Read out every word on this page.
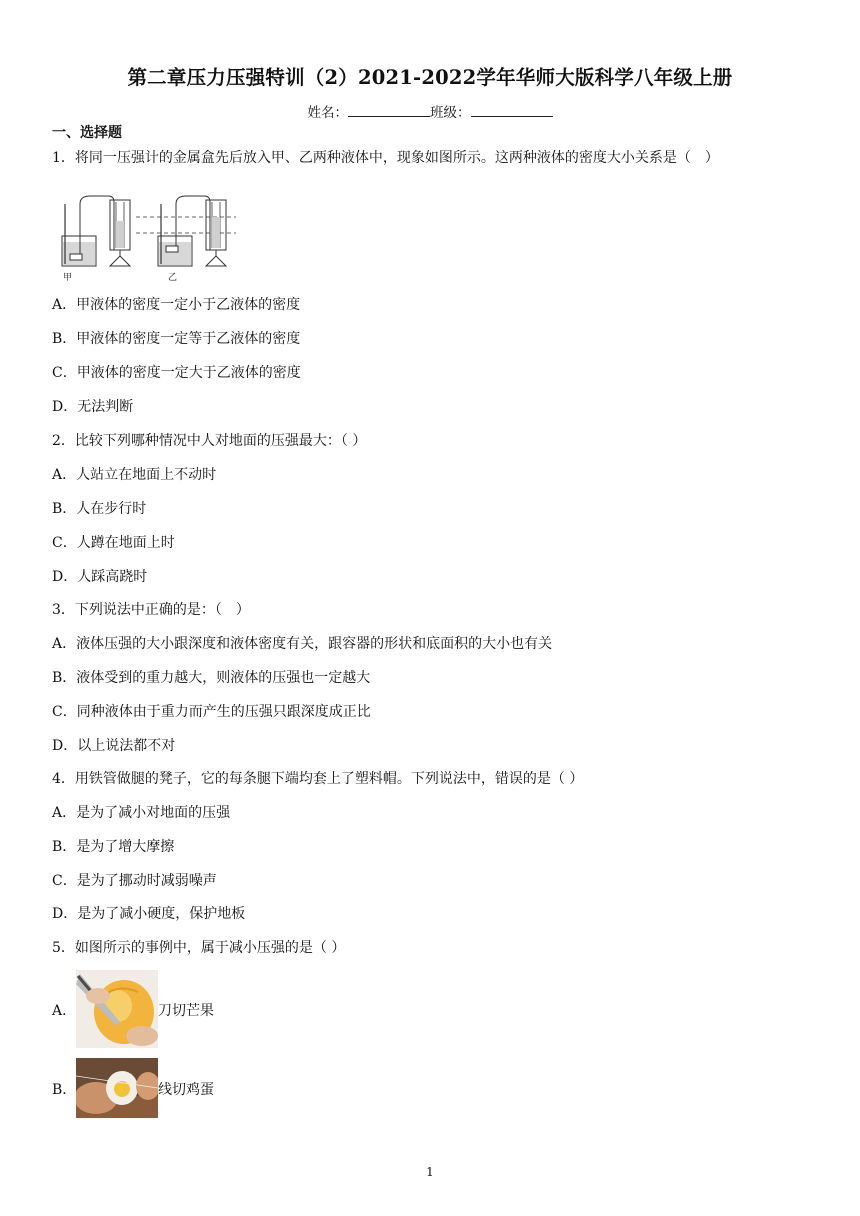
第二章压力压强特训（2）2021-2022学年华师大版科学八年级上册
姓名：	班级：
一、选择题
1．将同一压强计的金属盒先后放入甲、乙两种液体中，现象如图所示。这两种液体的密度大小关系是（　）
甲	乙
A．甲液体的密度一定小于乙液体的密度
B．甲液体的密度一定等于乙液体的密度
C．甲液体的密度一定大于乙液体的密度
D．无法判断
2．比较下列哪种情况中人对地面的压强最大：（ ）
A．人站立在地面上不动时
B．人在步行时
C．人蹲在地面上时
D．人踩高跷时
3．下列说法中正确的是：（　）
A．液体压强的大小跟深度和液体密度有关，跟容器的形状和底面积的大小也有关
B．液体受到的重力越大，则液体的压强也一定越大
C．同种液体由于重力而产生的压强只跟深度成正比
D．以上说法都不对
4．用铁管做腿的凳子，它的每条腿下端均套上了塑料帽。下列说法中，错误的是（ ）
A．是为了减小对地面的压强
B．是为了增大摩擦
C．是为了挪动时减弱噪声
D．是为了减小硬度，保护地板
5．如图所示的事例中，属于减小压强的是（ ）
A．	刀切芒果
B．	线切鸡蛋
1
